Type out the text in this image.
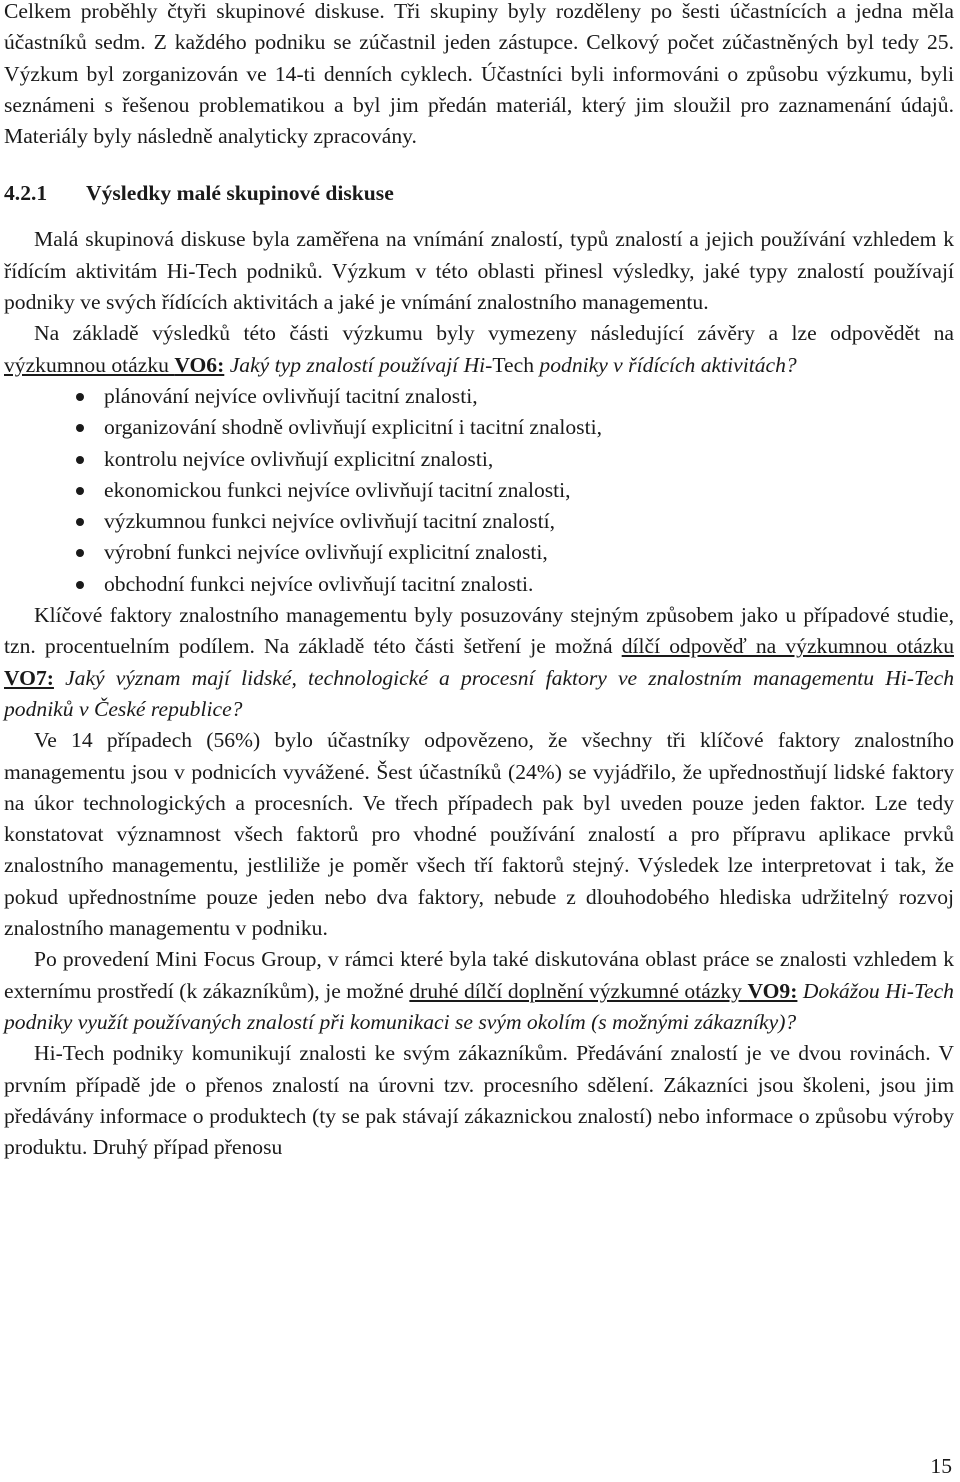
Celkem proběhly čtyři skupinové diskuse. Tři skupiny byly rozděleny po šesti účastnících a jedna měla účastníků sedm. Z každého podniku se zúčastnil jeden zástupce. Celkový počet zúčastněných byl tedy 25. Výzkum byl zorganizován ve 14-ti denních cyklech. Účastníci byli informováni o způsobu výzkumu, byli seznámeni s řešenou problematikou a byl jim předán materiál, který jim sloužil pro zaznamenání údajů. Materiály byly následně analyticky zpracovány.

4.2.1 Výsledky malé skupinové diskuse

Malá skupinová diskuse byla zaměřena na vnímání znalostí, typů znalostí a jejich používání vzhledem k řídícím aktivitám Hi-Tech podniků. Výzkum v této oblasti přinesl výsledky, jaké typy znalostí používají podniky ve svých řídících aktivitách a jaké je vnímání znalostního managementu.

Na základě výsledků této části výzkumu byly vymezeny následující závěry a lze odpovědět na výzkumnou otázku VO6: Jaký typ znalostí používají Hi-Tech podniky v řídících aktivitách?

plánování nejvíce ovlivňují tacitní znalosti,
organizování shodně ovlivňují explicitní i tacitní znalosti,
kontrolu nejvíce ovlivňují explicitní znalosti,
ekonomickou funkci nejvíce ovlivňují tacitní znalosti,
výzkumnou funkci nejvíce ovlivňují tacitní znalostí,
výrobní funkci nejvíce ovlivňují explicitní znalosti,
obchodní funkci nejvíce ovlivňují tacitní znalosti.

Klíčové faktory znalostního managementu byly posuzovány stejným způsobem jako u případové studie, tzn. procentuelním podílem. Na základě této části šetření je možná dílčí odpověď na výzkumnou otázku VO7: Jaký význam mají lidské, technologické a procesní faktory ve znalostním managementu Hi-Tech podniků v České republice?

Ve 14 případech (56%) bylo účastníky odpovězeno, že všechny tři klíčové faktory znalostního managementu jsou v podnicích vyvážené. Šest účastníků (24%) se vyjádřilo, že upřednostňují lidské faktory na úkor technologických a procesních. Ve třech případech pak byl uveden pouze jeden faktor. Lze tedy konstatovat významnost všech faktorů pro vhodné používání znalostí a pro přípravu aplikace prvků znalostního managementu, jestliliže je poměr všech tří faktorů stejný. Výsledek lze interpretovat i tak, že pokud upřednostníme pouze jeden nebo dva faktory, nebude z dlouhodobého hlediska udržitelný rozvoj znalostního managementu v podniku.

Po provedení Mini Focus Group, v rámci které byla také diskutována oblast práce se znalosti vzhledem k externímu prostředí (k zákazníkům), je možné druhé dílčí doplnění výzkumné otázky VO9: Dokážou Hi-Tech podniky využít používaných znalostí při komunikaci se svým okolím (s možnými zákazníky)?

Hi-Tech podniky komunikují znalosti ke svým zákazníkům. Předávání znalostí je ve dvou rovinách. V prvním případě jde o přenos znalostí na úrovni tzv. procesního sdělení. Zákazníci jsou školeni, jsou jim předávány informace o produktech (ty se pak stávají zákaznickou znalostí) nebo informace o způsobu výroby produktu. Druhý případ přenosu

15
